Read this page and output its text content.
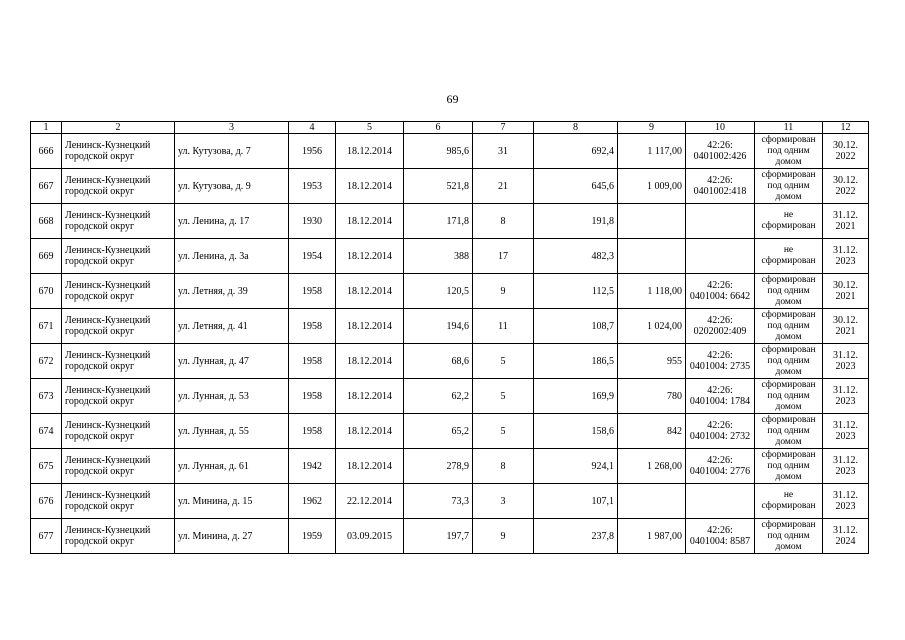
69
1	2	3	4	5	6	7	8	9	10	11	12
666	Ленинск-Кузнецкий городской округ	ул. Кутузова, д. 7	1956	18.12.2014	985,6	31	692,4	1 117,00	42:26: 0401002:426	сформирован под одним домом	30.12. 2022
667	Ленинск-Кузнецкий городской округ	ул. Кутузова, д. 9	1953	18.12.2014	521,8	21	645,6	1 009,00	42:26: 0401002:418	сформирован под одним домом	30.12. 2022
668	Ленинск-Кузнецкий городской округ	ул. Ленина, д. 17	1930	18.12.2014	171,8	8	191,8			не сформирован	31.12. 2021
669	Ленинск-Кузнецкий городской округ	ул. Ленина, д. 3а	1954	18.12.2014	388	17	482,3			не сформирован	31.12. 2023
670	Ленинск-Кузнецкий городской округ	ул. Летняя, д. 39	1958	18.12.2014	120,5	9	112,5	1 118,00	42:26: 0401004: 6642	сформирован под одним домом	30.12. 2021
671	Ленинск-Кузнецкий городской округ	ул. Летняя, д. 41	1958	18.12.2014	194,6	11	108,7	1 024,00	42:26: 0202002:409	сформирован под одним домом	30.12. 2021
672	Ленинск-Кузнецкий городской округ	ул. Лунная, д. 47	1958	18.12.2014	68,6	5	186,5	955	42:26: 0401004: 2735	сформирован под одним домом	31.12. 2023
673	Ленинск-Кузнецкий городской округ	ул. Лунная, д. 53	1958	18.12.2014	62,2	5	169,9	780	42:26: 0401004: 1784	сформирован под одним домом	31.12. 2023
674	Ленинск-Кузнецкий городской округ	ул. Лунная, д. 55	1958	18.12.2014	65,2	5	158,6	842	42:26: 0401004: 2732	сформирован под одним домом	31.12. 2023
675	Ленинск-Кузнецкий городской округ	ул. Лунная, д. 61	1942	18.12.2014	278,9	8	924,1	1 268,00	42:26: 0401004: 2776	сформирован под одним домом	31.12. 2023
676	Ленинск-Кузнецкий городской округ	ул. Минина, д. 15	1962	22.12.2014	73,3	3	107,1			не сформирован	31.12. 2023
677	Ленинск-Кузнецкий городской округ	ул. Минина, д. 27	1959	03.09.2015	197,7	9	237,8	1 987,00	42:26: 0401004: 8587	сформирован под одним домом	31.12. 2024
